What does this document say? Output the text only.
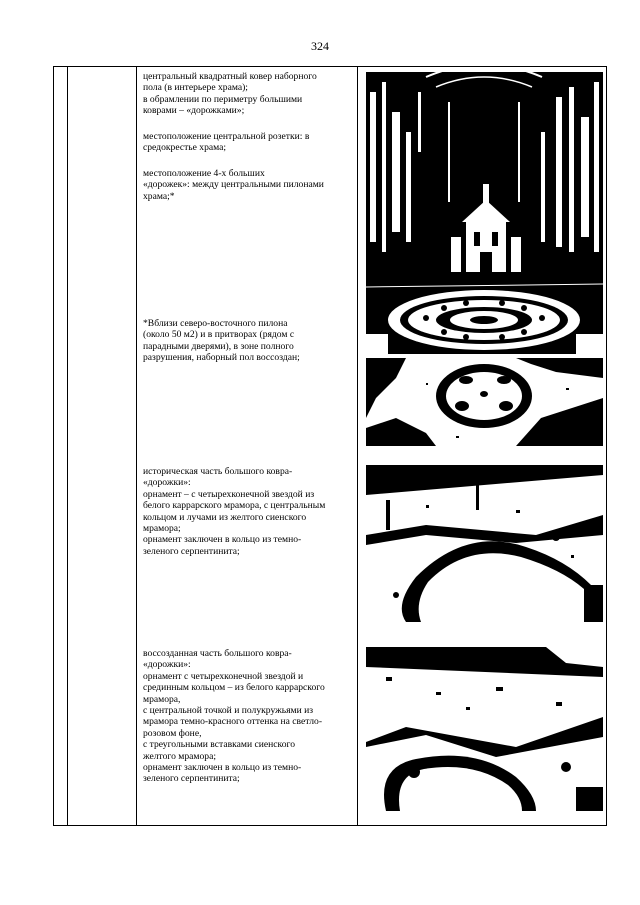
324

центральный квадратный ковер наборного

пола (в интерьере храма);

в обрамлении по периметру большими

коврами – «дорожками»;

местоположение центральной розетки: в

средокрестье храма;

местоположение 4-х больших

«дорожек»: между центральными пилонами

храма;*

*Вблизи северо-восточного пилона

(около 50 м2) и в притворах (рядом с

парадными дверями), в зоне полного

разрушения, наборный пол воссоздан;

историческая часть большого ковра-

«дорожки»:

орнамент – с четырехконечной звездой из

белого каррарского мрамора, с центральным

кольцом и лучами из желтого сиенского

мрамора;

орнамент заключен в кольцо из темно-

зеленого серпентинита;

воссозданная часть большого ковра-

«дорожки»:

орнамент с четырехконечной звездой и

срединным кольцом – из белого каррарского

мрамора,

с центральной точкой и полукружьями из

мрамора темно-красного оттенка на светло-

розовом фоне,

с треугольными вставками сиенского

желтого мрамора;

орнамент заключен в кольцо из темно-

зеленого серпентинита;
